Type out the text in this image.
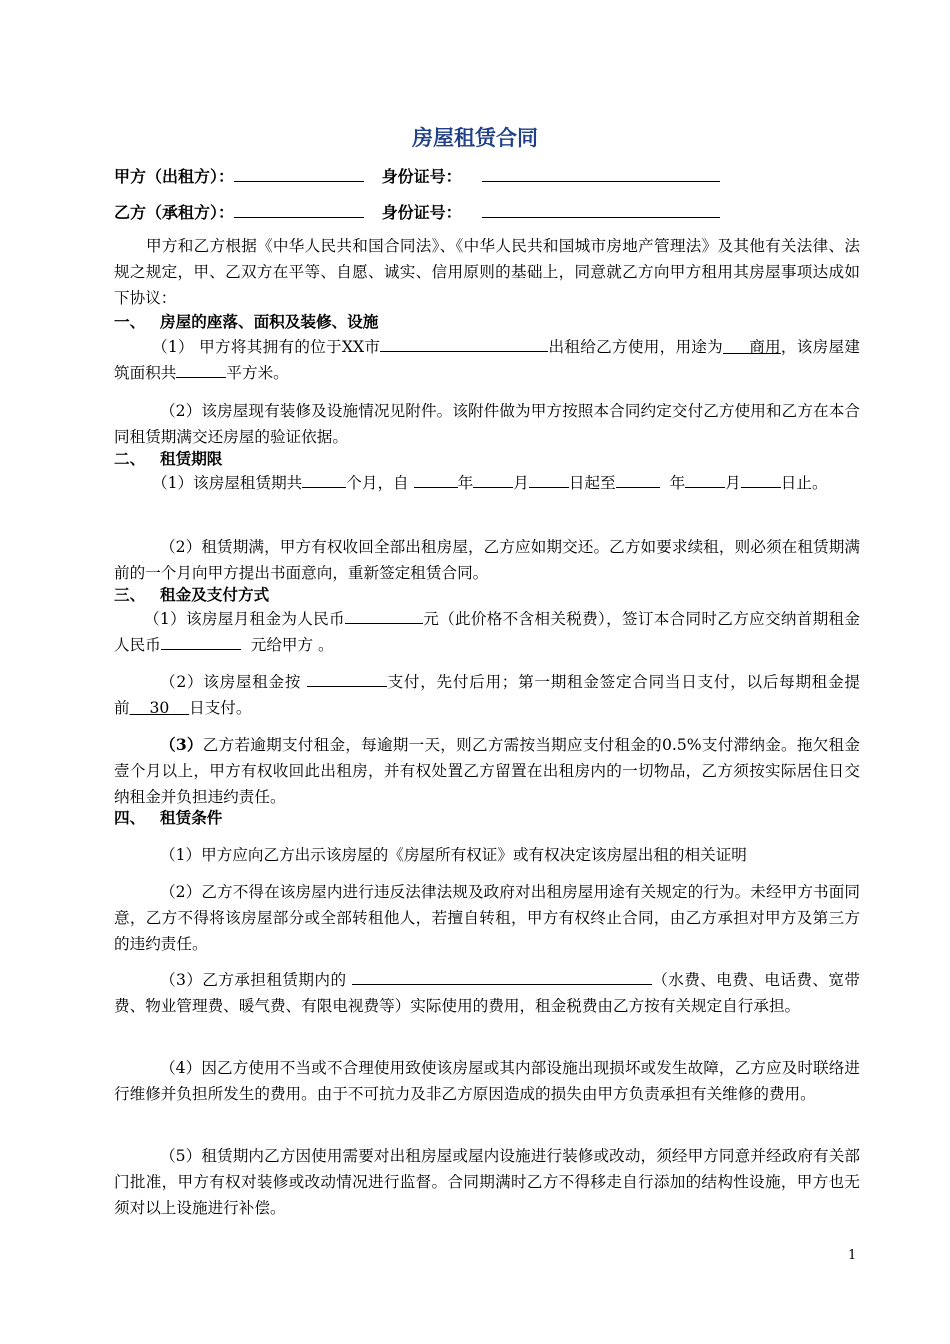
房屋租赁合同
甲方（出租方）：	身份证号：
乙方（承租方）：	身份证号：
甲方和乙方根据《中华人民共和国合同法》、《中华人民共和国城市房地产管理法》及其他有关法律、法规之规定，甲、乙双方在平等、自愿、诚实、信用原则的基础上，同意就乙方向甲方租用其房屋事项达成如下协议：
一、 房屋的座落、面积及装修、设施
（1） 甲方将其拥有的位于XX市	出租给乙方使用，用途为 商用，该房屋建筑面积共	平方米。
（2）该房屋现有装修及设施情况见附件。该附件做为甲方按照本合同约定交付乙方使用和乙方在本合同租赁期满交还房屋的验证依据。
二、 租赁期限
（1）该房屋租赁期共	个月，自	年	月	日起至	年	月	日止。
（2）租赁期满，甲方有权收回全部出租房屋，乙方应如期交还。乙方如要求续租，则必须在租赁期满前的一个月向甲方提出书面意向，重新签定租赁合同。
三、 租金及支付方式
（1）该房屋月租金为人民币	元（此价格不含相关税费），签订本合同时乙方应交纳首期租金人民币	元给甲方 。
（2）该房屋租金按	支付，先付后用；第一期租金签定合同当日支付，以后每期租金提前 30 日支付。
（3）乙方若逾期支付租金，每逾期一天，则乙方需按当期应支付租金的0.5%支付滞纳金。拖欠租金壹个月以上，甲方有权收回此出租房，并有权处置乙方留置在出租房内的一切物品，乙方须按实际居住日交纳租金并负担违约责任。
四、 租赁条件
（1）甲方应向乙方出示该房屋的《房屋所有权证》或有权决定该房屋出租的相关证明
（2）乙方不得在该房屋内进行违反法律法规及政府对出租房屋用途有关规定的行为。未经甲方书面同意，乙方不得将该房屋部分或全部转租他人，若擅自转租，甲方有权终止合同，由乙方承担对甲方及第三方的违约责任。
（3）乙方承担租赁期内的	（水费、电费、电话费、宽带费、物业管理费、暖气费、有限电视费等）实际使用的费用，租金税费由乙方按有关规定自行承担。
（4）因乙方使用不当或不合理使用致使该房屋或其内部设施出现损坏或发生故障，乙方应及时联络进行维修并负担所发生的费用。由于不可抗力及非乙方原因造成的损失由甲方负责承担有关维修的费用。
（5）租赁期内乙方因使用需要对出租房屋或屋内设施进行装修或改动，须经甲方同意并经政府有关部门批准，甲方有权对装修或改动情况进行监督。合同期满时乙方不得移走自行添加的结构性设施，甲方也无须对以上设施进行补偿。
1
